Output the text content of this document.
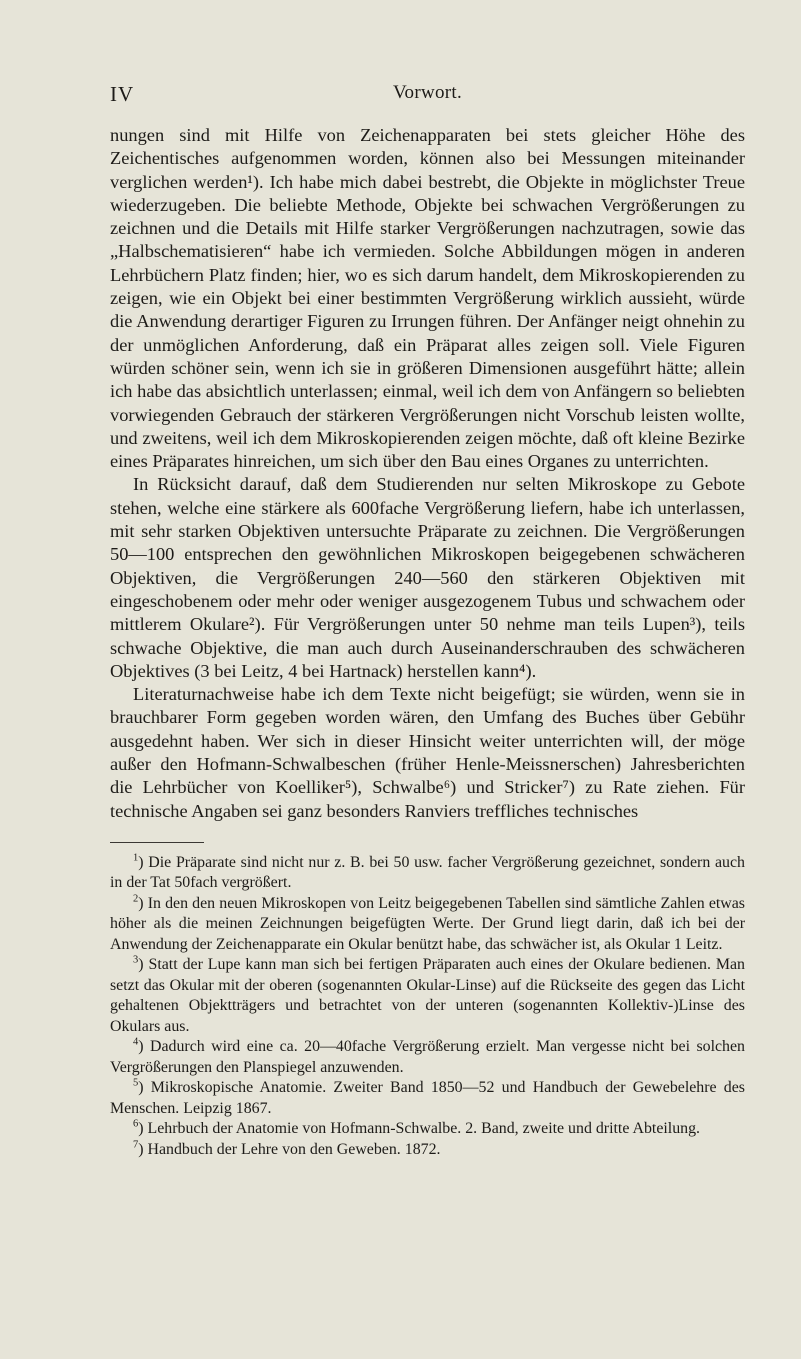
IV	Vorwort.

nungen sind mit Hilfe von Zeichenapparaten bei stets gleicher Höhe des Zeichentisches aufgenommen worden, können also bei Messungen miteinander verglichen werden¹). Ich habe mich dabei bestrebt, die Objekte in möglichster Treue wiederzugeben. Die beliebte Methode, Objekte bei schwachen Vergrößerungen zu zeichnen und die Details mit Hilfe starker Vergrößerungen nachzutragen, sowie das „Halbschematisieren“ habe ich vermieden. Solche Abbildungen mögen in anderen Lehrbüchern Platz finden; hier, wo es sich darum handelt, dem Mikroskopierenden zu zeigen, wie ein Objekt bei einer bestimmten Vergrößerung wirklich aussieht, würde die Anwendung derartiger Figuren zu Irrungen führen. Der Anfänger neigt ohnehin zu der unmöglichen Anforderung, daß ein Präparat alles zeigen soll. Viele Figuren würden schöner sein, wenn ich sie in größeren Dimensionen ausgeführt hätte; allein ich habe das absichtlich unterlassen; einmal, weil ich dem von Anfängern so beliebten vorwiegenden Gebrauch der stärkeren Vergrößerungen nicht Vorschub leisten wollte, und zweitens, weil ich dem Mikroskopierenden zeigen möchte, daß oft kleine Bezirke eines Präparates hinreichen, um sich über den Bau eines Organes zu unterrichten.

In Rücksicht darauf, daß dem Studierenden nur selten Mikroskope zu Gebote stehen, welche eine stärkere als 600fache Vergrößerung liefern, habe ich unterlassen, mit sehr starken Objektiven untersuchte Präparate zu zeichnen. Die Vergrößerungen 50—100 entsprechen den gewöhnlichen Mikroskopen beigegebenen schwächeren Objektiven, die Vergrößerungen 240—560 den stärkeren Objektiven mit eingeschobenem oder mehr oder weniger ausgezogenem Tubus und schwachem oder mittlerem Okulare²). Für Vergrößerungen unter 50 nehme man teils Lupen³), teils schwache Objektive, die man auch durch Auseinanderschrauben des schwächeren Objektives (3 bei Leitz, 4 bei Hartnack) herstellen kann⁴).

Literaturnachweise habe ich dem Texte nicht beigefügt; sie würden, wenn sie in brauchbarer Form gegeben worden wären, den Umfang des Buches über Gebühr ausgedehnt haben. Wer sich in dieser Hinsicht weiter unterrichten will, der möge außer den Hofmann-Schwalbeschen (früher Henle-Meissnerschen) Jahresberichten die Lehrbücher von Koelliker⁵), Schwalbe⁶) und Stricker⁷) zu Rate ziehen. Für technische Angaben sei ganz besonders Ranviers treffliches technisches

$^1$) Die Präparate sind nicht nur z. B. bei 50 usw. facher Vergrößerung gezeichnet, sondern auch in der Tat 50fach vergrößert.

$^2$) In den den neuen Mikroskopen von Leitz beigegebenen Tabellen sind sämtliche Zahlen etwas höher als die meinen Zeichnungen beigefügten Werte. Der Grund liegt darin, daß ich bei der Anwendung der Zeichenapparate ein Okular benützt habe, das schwächer ist, als Okular 1 Leitz.

$^3$) Statt der Lupe kann man sich bei fertigen Präparaten auch eines der Okulare bedienen. Man setzt das Okular mit der oberen (sogenannten Okular-Linse) auf die Rückseite des gegen das Licht gehaltenen Objektträgers und betrachtet von der unteren (sogenannten Kollektiv-)Linse des Okulars aus.

$^4$) Dadurch wird eine ca. 20—40fache Vergrößerung erzielt. Man vergesse nicht bei solchen Vergrößerungen den Planspiegel anzuwenden.

$^5$) Mikroskopische Anatomie. Zweiter Band 1850—52 und Handbuch der Gewebelehre des Menschen. Leipzig 1867.

$^6$) Lehrbuch der Anatomie von Hofmann-Schwalbe. 2. Band, zweite und dritte Abteilung.

$^7$) Handbuch der Lehre von den Geweben. 1872.
